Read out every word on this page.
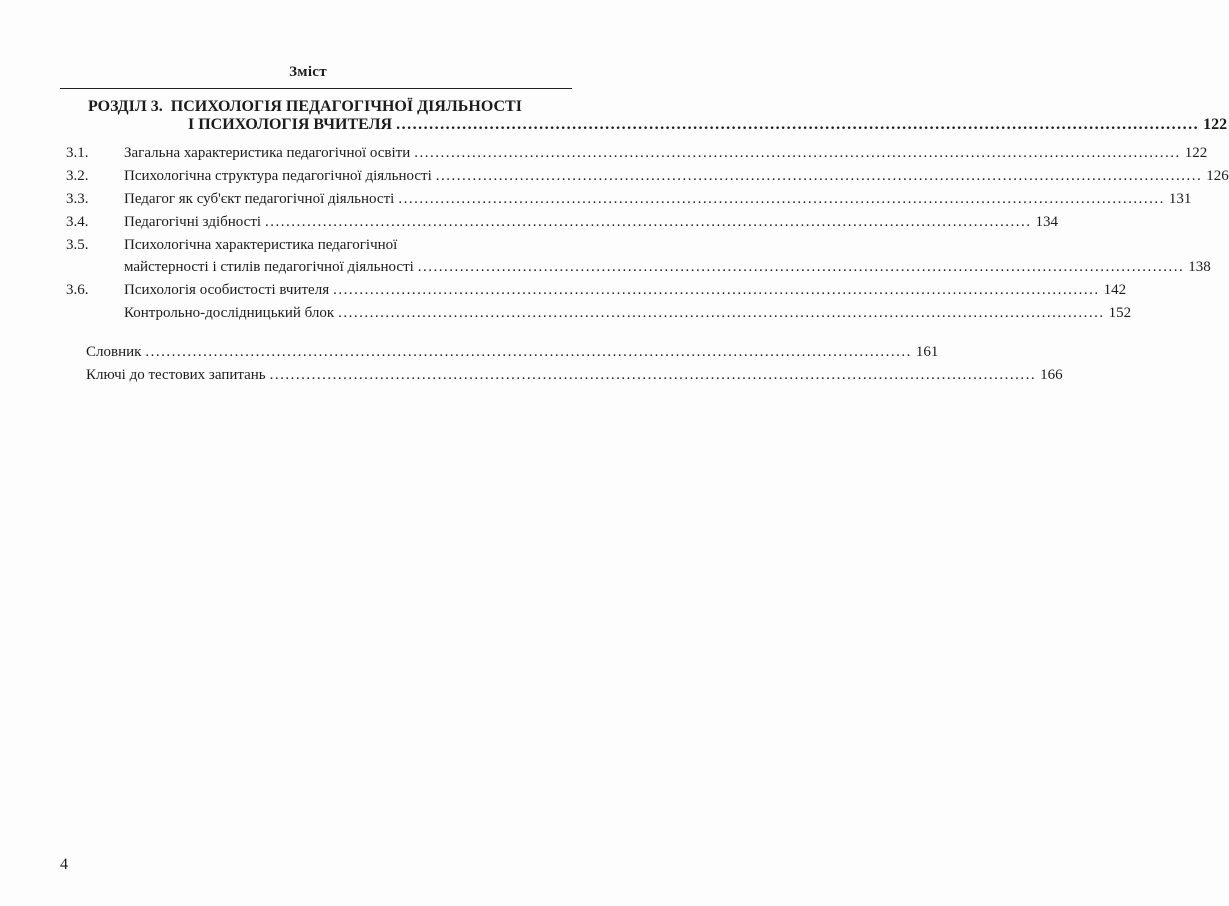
Зміст
РОЗДІЛ 3. ПСИХОЛОГІЯ ПЕДАГОГІЧНОЇ ДІЯЛЬНОСТІ
І ПСИХОЛОГІЯ ВЧИТЕЛЯ .....	122
3.1. Загальна характеристика педагогічної освіти .....	122
3.2. Психологічна структура педагогічної діяльності .....	126
3.3. Педагог як суб'єкт педагогічної діяльності .....	131
3.4. Педагогічні здібності .....	134
3.5. Психологічна характеристика педагогічної
майстерності і стилів педагогічної діяльності .....	138
3.6. Психологія особистості вчителя .....	142
Контрольно-дослідницький блок .....	152
Словник .....	161
Ключі до тестових запитань .....	166
4
